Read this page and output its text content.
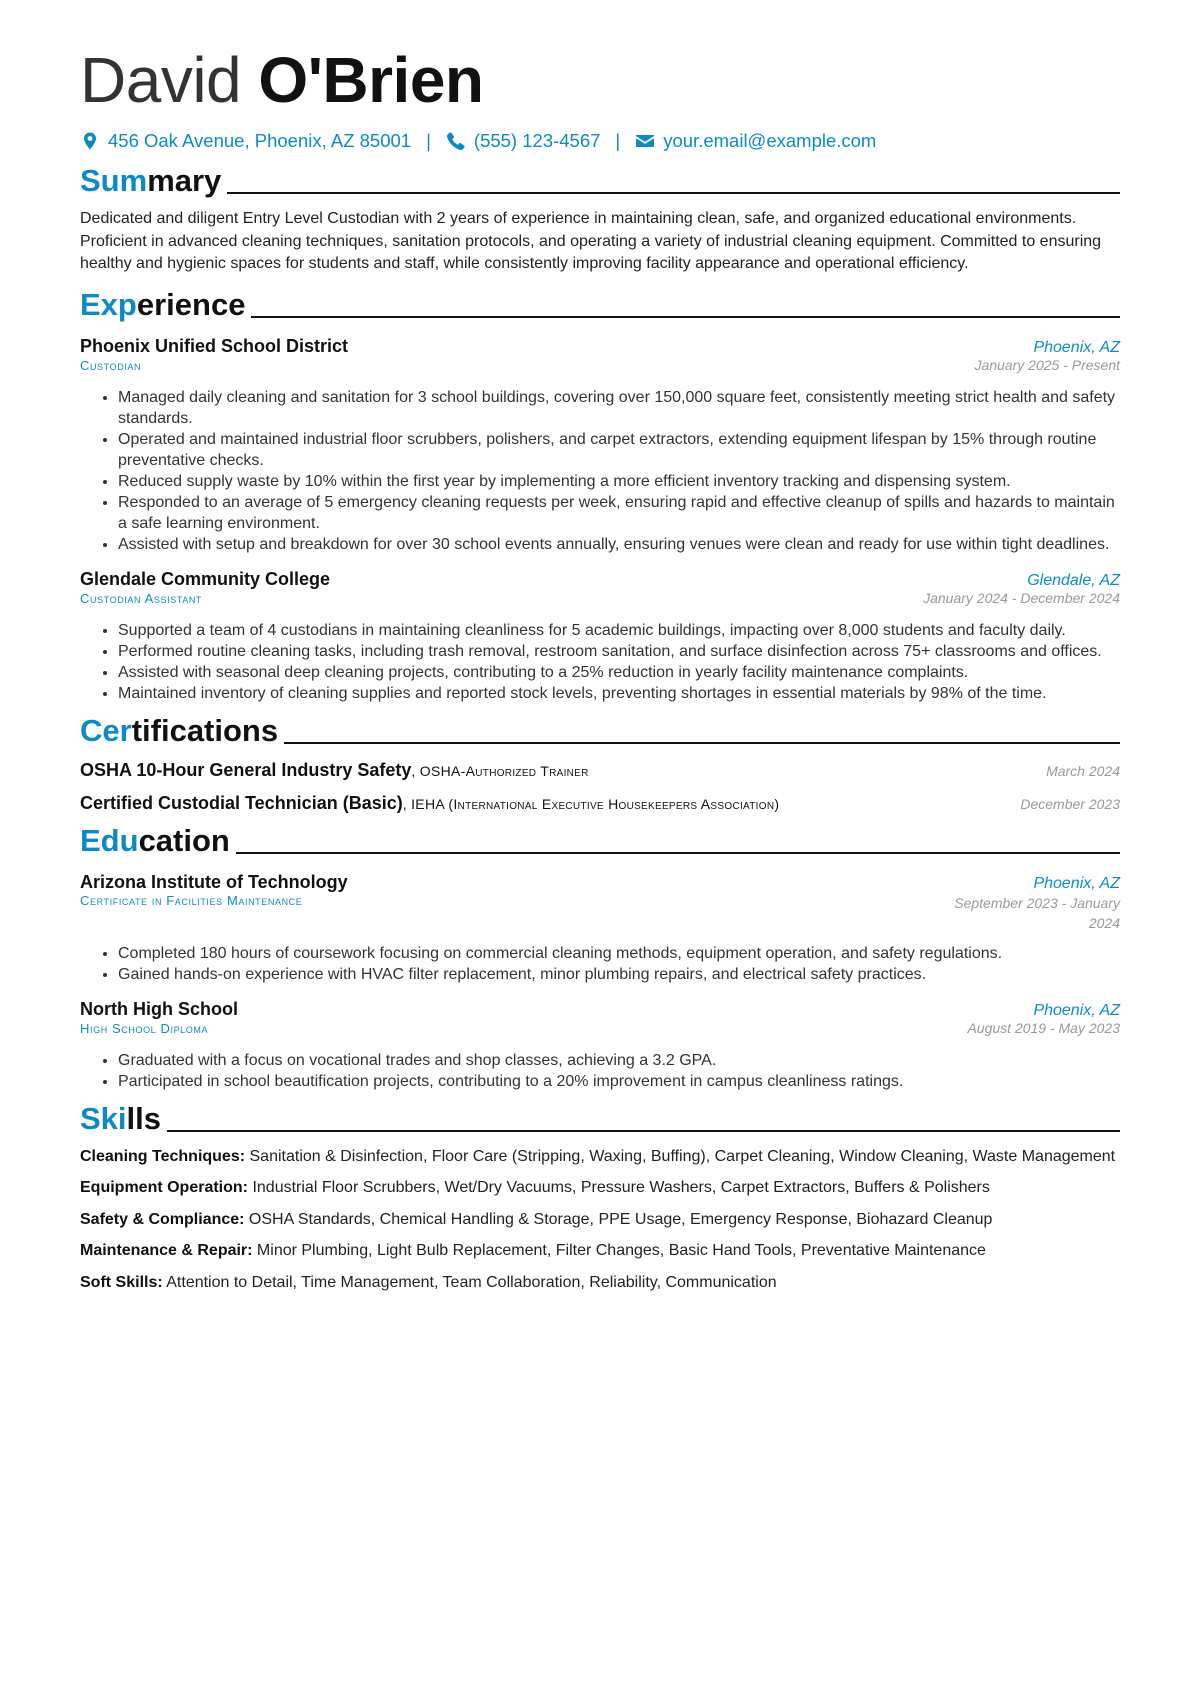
David O'Brien
456 Oak Avenue, Phoenix, AZ 85001 | (555) 123-4567 | your.email@example.com
Summary

Dedicated and diligent Entry Level Custodian with 2 years of experience in maintaining clean, safe, and organized educational environments. Proficient in advanced cleaning techniques, sanitation protocols, and operating a variety of industrial cleaning equipment. Committed to ensuring healthy and hygienic spaces for students and staff, while consistently improving facility appearance and operational efficiency.

Experience
Phoenix Unified School District	Phoenix, AZ
Custodian	January 2025 - Present
• Managed daily cleaning and sanitation for 3 school buildings, covering over 150,000 square feet, consistently meeting strict health and safety standards.
• Operated and maintained industrial floor scrubbers, polishers, and carpet extractors, extending equipment lifespan by 15% through routine preventative checks.
• Reduced supply waste by 10% within the first year by implementing a more efficient inventory tracking and dispensing system.
• Responded to an average of 5 emergency cleaning requests per week, ensuring rapid and effective cleanup of spills and hazards to maintain a safe learning environment.
• Assisted with setup and breakdown for over 30 school events annually, ensuring venues were clean and ready for use within tight deadlines.
Glendale Community College	Glendale, AZ
Custodian Assistant	January 2024 - December 2024
• Supported a team of 4 custodians in maintaining cleanliness for 5 academic buildings, impacting over 8,000 students and faculty daily.
• Performed routine cleaning tasks, including trash removal, restroom sanitation, and surface disinfection across 75+ classrooms and offices.
• Assisted with seasonal deep cleaning projects, contributing to a 25% reduction in yearly facility maintenance complaints.
• Maintained inventory of cleaning supplies and reported stock levels, preventing shortages in essential materials by 98% of the time.
Certifications
OSHA 10-Hour General Industry Safety, OSHA-Authorized Trainer	March 2024
Certified Custodial Technician (Basic), IEHA (International Executive Housekeepers Association)	December 2023
Education
Arizona Institute of Technology	Phoenix, AZ
Certificate in Facilities Maintenance	September 2023 - January 2024
• Completed 180 hours of coursework focusing on commercial cleaning methods, equipment operation, and safety regulations.
• Gained hands-on experience with HVAC filter replacement, minor plumbing repairs, and electrical safety practices.
North High School	Phoenix, AZ
High School Diploma	August 2019 - May 2023
• Graduated with a focus on vocational trades and shop classes, achieving a 3.2 GPA.
• Participated in school beautification projects, contributing to a 20% improvement in campus cleanliness ratings.
Skills
Cleaning Techniques: Sanitation & Disinfection, Floor Care (Stripping, Waxing, Buffing), Carpet Cleaning, Window Cleaning, Waste Management
Equipment Operation: Industrial Floor Scrubbers, Wet/Dry Vacuums, Pressure Washers, Carpet Extractors, Buffers & Polishers
Safety & Compliance: OSHA Standards, Chemical Handling & Storage, PPE Usage, Emergency Response, Biohazard Cleanup
Maintenance & Repair: Minor Plumbing, Light Bulb Replacement, Filter Changes, Basic Hand Tools, Preventative Maintenance
Soft Skills: Attention to Detail, Time Management, Team Collaboration, Reliability, Communication
